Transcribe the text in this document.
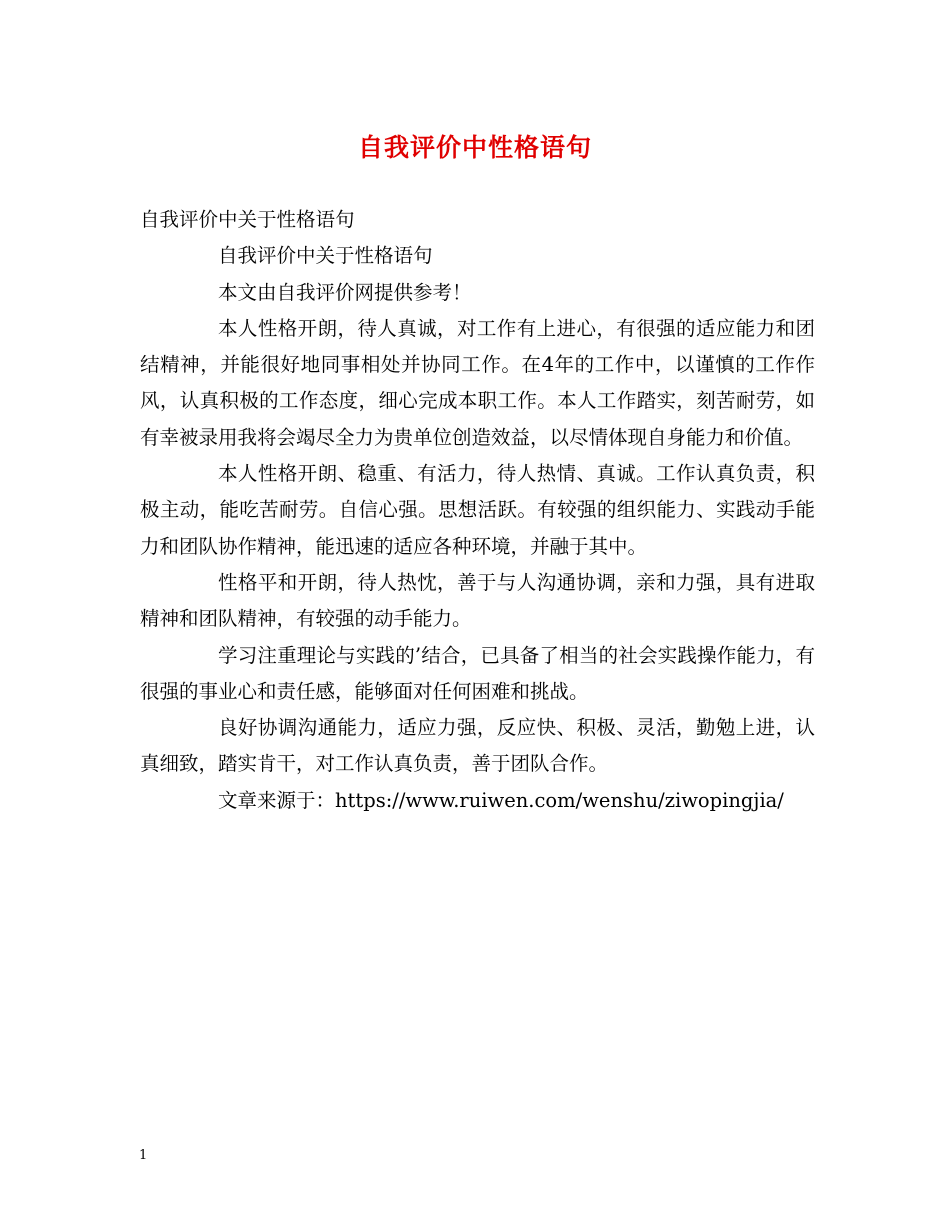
自我评价中性格语句

自我评价中关于性格语句

自我评价中关于性格语句

本文由自我评价网提供参考！

本人性格开朗，待人真诚，对工作有上进心，有很强的适应能力和团结精神，并能很好地同事相处并协同工作。在4年的工作中，以谨慎的工作作风，认真积极的工作态度，细心完成本职工作。本人工作踏实，刻苦耐劳，如有幸被录用我将会竭尽全力为贵单位创造效益，以尽情体现自身能力和价值。

本人性格开朗、稳重、有活力，待人热情、真诚。工作认真负责，积极主动，能吃苦耐劳。自信心强。思想活跃。有较强的组织能力、实践动手能力和团队协作精神，能迅速的适应各种环境，并融于其中。

性格平和开朗，待人热忱，善于与人沟通协调，亲和力强，具有进取精神和团队精神，有较强的动手能力。

学习注重理论与实践的’结合，已具备了相当的社会实践操作能力，有很强的事业心和责任感，能够面对任何困难和挑战。

良好协调沟通能力，适应力强，反应快、积极、灵活，勤勉上进，认真细致，踏实肯干，对工作认真负责，善于团队合作。

文章来源于：https://www.ruiwen.com/wenshu/ziwopingjia/

1
